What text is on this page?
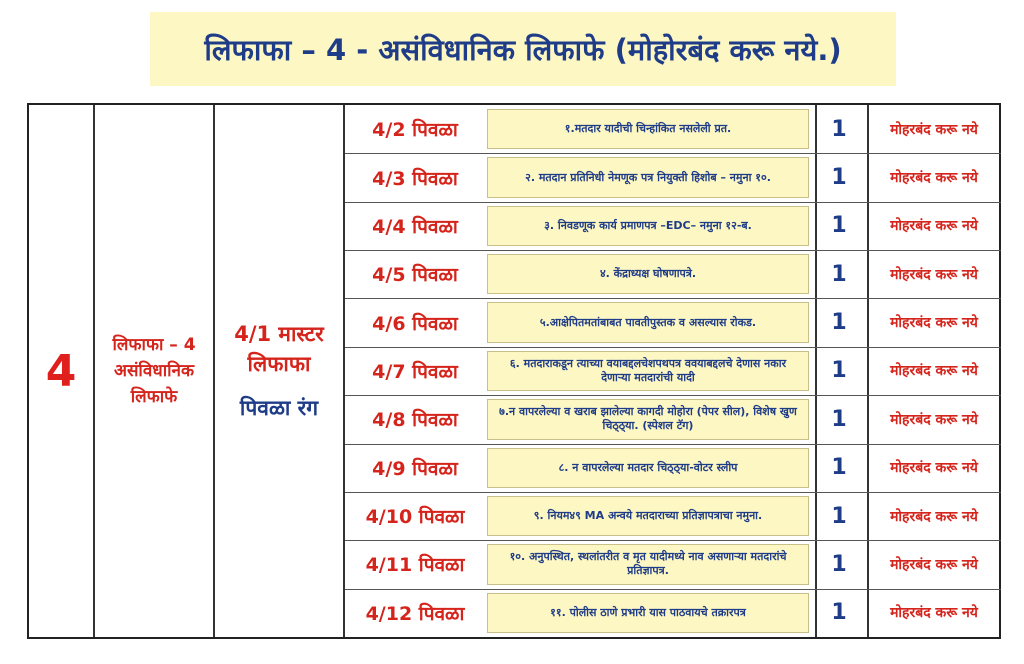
लिफाफा – 4 - असंविधानिक लिफाफे (मोहोरबंद करू नये.)
4
लिफाफा – 4
असंविधानिक
लिफाफे
4/1 मास्टर
लिफाफा
पिवळा रंग
4/2 पिवळा	१.मतदार यादीची चिन्हांकित नसलेली प्रत.	1	मोहरबंद करू नये
4/3 पिवळा	२. मतदान प्रतिनिधी नेमणूक पत्र नियुक्ती हिशोब – नमुना १०.	1	मोहरबंद करू नये
4/4 पिवळा	३. निवडणूक कार्य प्रमाणपत्र –EDC– नमुना १२-ब.	1	मोहरबंद करू नये
4/5 पिवळा	४. केंद्राध्यक्ष घोषणापत्रे.	1	मोहरबंद करू नये
4/6 पिवळा	५.आक्षेपितमतांबाबत पावतीपुस्तक व असल्यास रोकड.	1	मोहरबंद करू नये
4/7 पिवळा	६. मतदाराकडून त्याच्या वयाबद्दलचेशपथपत्र ववयाबद्दलचे देणास नकार देणाऱ्या मतदारांची यादी	1	मोहरबंद करू नये
4/8 पिवळा	७.न वापरलेल्या व खराब झालेल्या कागदी मोहोरा (पेपर सील), विशेष खुण चिठ्ठ्या. (स्पेशल टॅग)	1	मोहरबंद करू नये
4/9 पिवळा	८. न वापरलेल्या मतदार चिठ्ठ्या-वोटर स्लीप	1	मोहरबंद करू नये
4/10 पिवळा	९. नियम४९ MA अन्वये मतदाराच्या प्रतिज्ञापत्राचा नमुना.	1	मोहरबंद करू नये
4/11 पिवळा	१०. अनुपस्थित, स्थलांतरीत व मृत यादीमध्ये नाव असणाऱ्या मतदारांचे प्रतिज्ञापत्र.	1	मोहरबंद करू नये
4/12 पिवळा	११. पोलीस ठाणे प्रभारी यास पाठवायचे तक्रारपत्र	1	मोहरबंद करू नये
